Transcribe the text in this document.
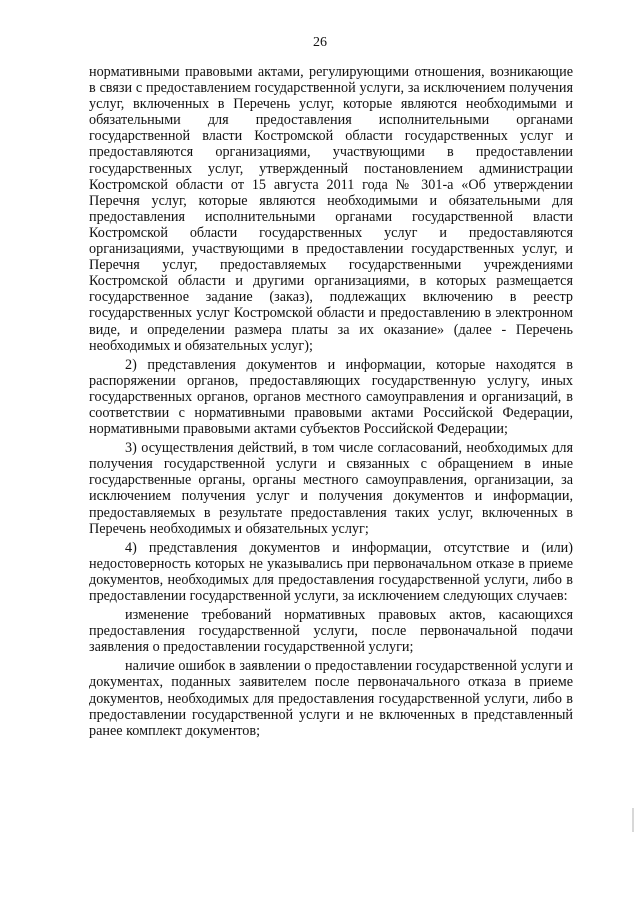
26

нормативными правовыми актами, регулирующими отношения, возникающие в связи с предоставлением государственной услуги, за исключением получения услуг, включенных в Перечень услуг, которые являются необходимыми и обязательными для предоставления исполнительными органами государственной власти Костромской области государственных услуг и предоставляются организациями, участвующими в предоставлении государственных услуг, утвержденный постановлением администрации Костромской области от 15 августа 2011 года № 301-а «Об утверждении Перечня услуг, которые являются необходимыми и обязательными для предоставления исполнительными органами государственной власти Костромской области государственных услуг и предоставляются организациями, участвующими в предоставлении государственных услуг, и Перечня услуг, предоставляемых государственными учреждениями Костромской области и другими организациями, в которых размещается государственное задание (заказ), подлежащих включению в реестр государственных услуг Костромской области и предоставлению в электронном виде, и определении размера платы за их оказание» (далее - Перечень необходимых и обязательных услуг);

2) представления документов и информации, которые находятся в распоряжении органов, предоставляющих государственную услугу, иных государственных органов, органов местного самоуправления и организаций, в соответствии с нормативными правовыми актами Российской Федерации, нормативными правовыми актами субъектов Российской Федерации;

3) осуществления действий, в том числе согласований, необходимых для получения государственной услуги и связанных с обращением в иные государственные органы, органы местного самоуправления, организации, за исключением получения услуг и получения документов и информации, предоставляемых в результате предоставления таких услуг, включенных в Перечень необходимых и обязательных услуг;

4) представления документов и информации, отсутствие и (или) недостоверность которых не указывались при первоначальном отказе в приеме документов, необходимых для предоставления государственной услуги, либо в предоставлении государственной услуги, за исключением следующих случаев:

изменение требований нормативных правовых актов, касающихся предоставления государственной услуги, после первоначальной подачи заявления о предоставлении государственной услуги;

наличие ошибок в заявлении о предоставлении государственной услуги и документах, поданных заявителем после первоначального отказа в приеме документов, необходимых для предоставления государственной услуги, либо в предоставлении государственной услуги и не включенных в представленный ранее комплект документов;
